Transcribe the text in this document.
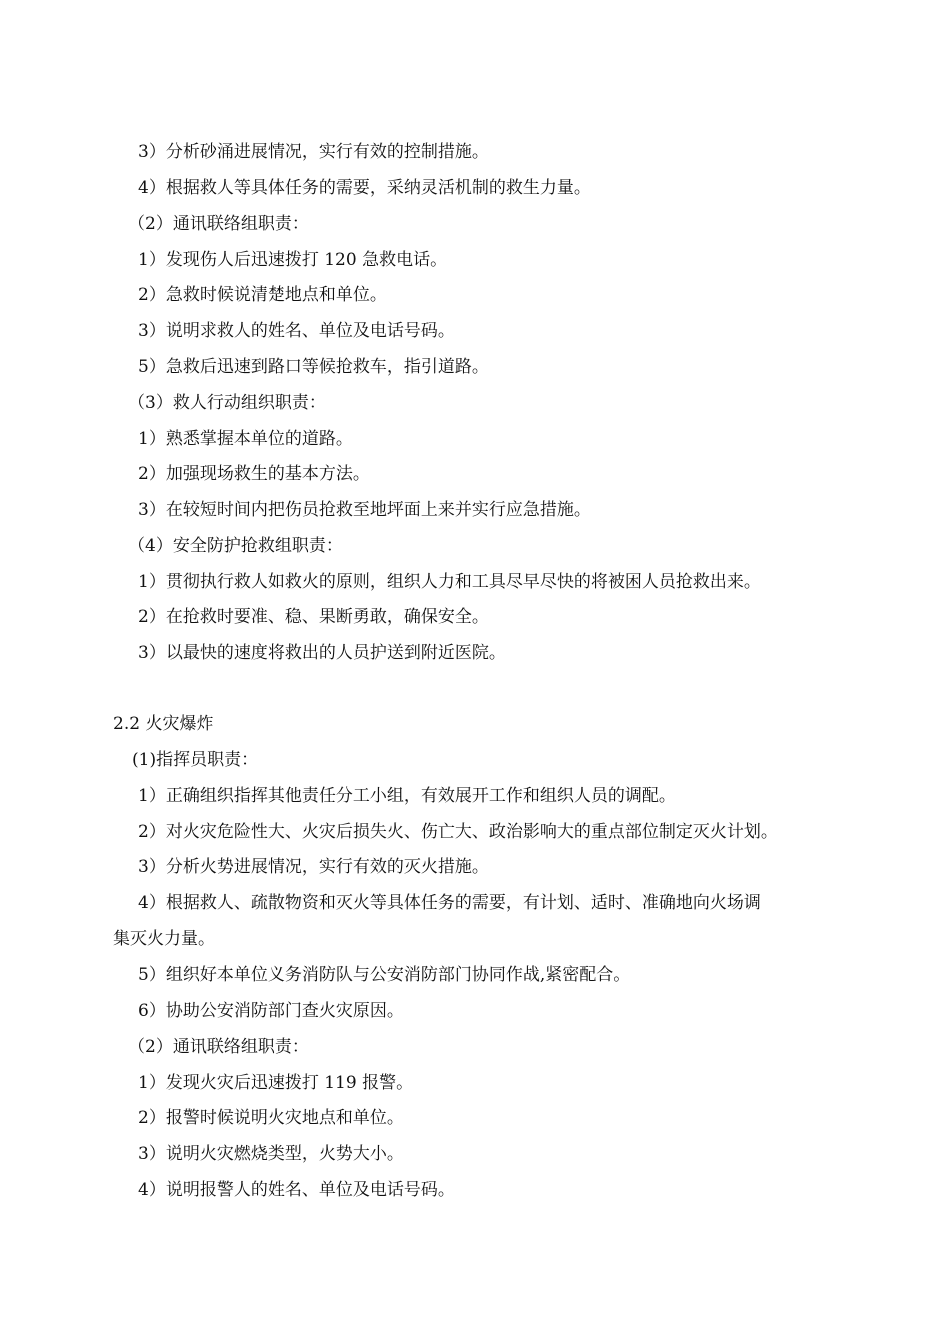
3）分析砂涌进展情况，实行有效的控制措施。
4）根据救人等具体任务的需要，采纳灵活机制的救生力量。
（2）通讯联络组职责：
1）发现伤人后迅速拨打 120 急救电话。
2）急救时候说清楚地点和单位。
3）说明求救人的姓名、单位及电话号码。
5）急救后迅速到路口等候抢救车，指引道路。
（3）救人行动组织职责：
1）熟悉掌握本单位的道路。
2）加强现场救生的基本方法。
3）在较短时间内把伤员抢救至地坪面上来并实行应急措施。
（4）安全防护抢救组职责：
1）贯彻执行救人如救火的原则，组织人力和工具尽早尽快的将被困人员抢救出来。
2）在抢救时要准、稳、果断勇敢，确保安全。
3）以最快的速度将救出的人员护送到附近医院。
2.2 火灾爆炸
(1)指挥员职责：
1）正确组织指挥其他责任分工小组，有效展开工作和组织人员的调配。
2）对火灾危险性大、火灾后损失火、伤亡大、政治影响大的重点部位制定灭火计划。
3）分析火势进展情况，实行有效的灭火措施。
4）根据救人、疏散物资和灭火等具体任务的需要，有计划、适时、准确地向火场调
集灭火力量。
5）组织好本单位义务消防队与公安消防部门协同作战,紧密配合。
6）协助公安消防部门查火灾原因。
（2）通讯联络组职责：
1）发现火灾后迅速拨打 119 报警。
2）报警时候说明火灾地点和单位。
3）说明火灾燃烧类型，火势大小。
4）说明报警人的姓名、单位及电话号码。
